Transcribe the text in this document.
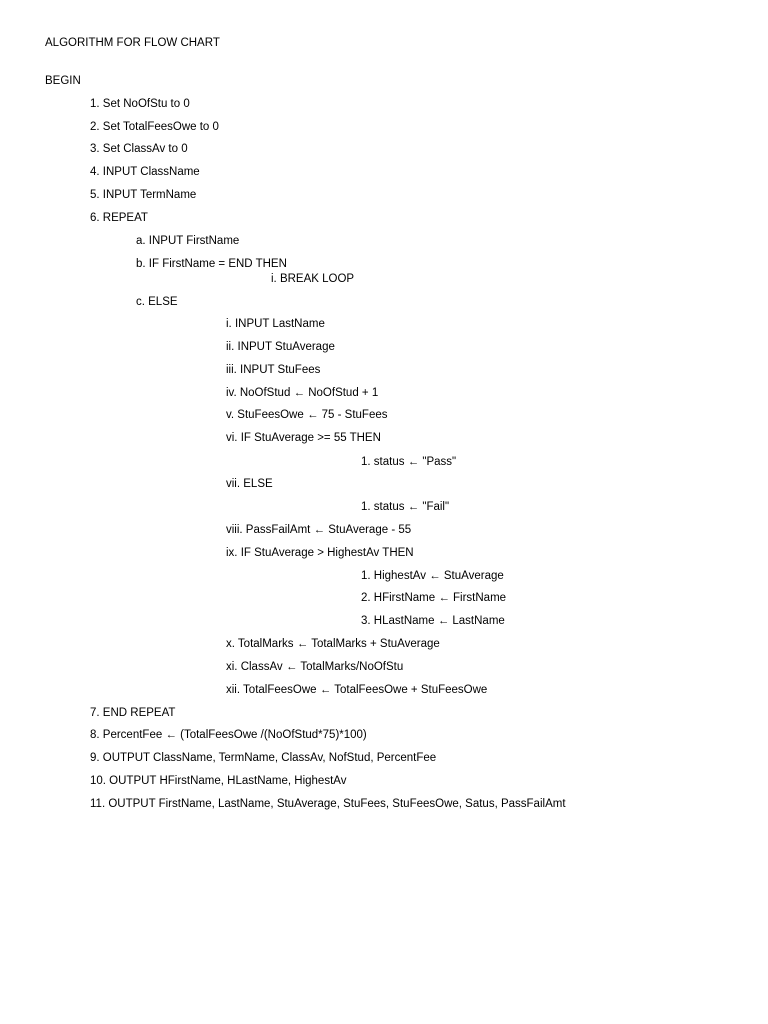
ALGORITHM FOR FLOW CHART
BEGIN
1. Set NoOfStu to 0
2. Set TotalFeesOwe to 0
3. Set ClassAv to 0
4. INPUT ClassName
5. INPUT TermName
6. REPEAT
a. INPUT FirstName
b. IF FirstName = END THEN
i. BREAK LOOP
c. ELSE
i. INPUT LastName
ii. INPUT StuAverage
iii. INPUT StuFees
iv. NoOfStud ← NoOfStud + 1
v. StuFeesOwe ← 75 - StuFees
vi. IF StuAverage >= 55 THEN
1. status ← "Pass"
vii. ELSE
1. status ← "Fail"
viii. PassFailAmt ← StuAverage - 55
ix. IF StuAverage > HighestAv THEN
1. HighestAv ← StuAverage
2. HFirstName ← FirstName
3. HLastName ← LastName
x. TotalMarks ← TotalMarks + StuAverage
xi. ClassAv ← TotalMarks/NoOfStu
xii. TotalFeesOwe ← TotalFeesOwe + StuFeesOwe
7. END REPEAT
8. PercentFee ← (TotalFeesOwe /(NoOfStud*75)*100)
9. OUTPUT ClassName, TermName, ClassAv, NofStud, PercentFee
10. OUTPUT HFirstName, HLastName, HighestAv
11. OUTPUT FirstName, LastName, StuAverage, StuFees, StuFeesOwe, Satus, PassFailAmt
